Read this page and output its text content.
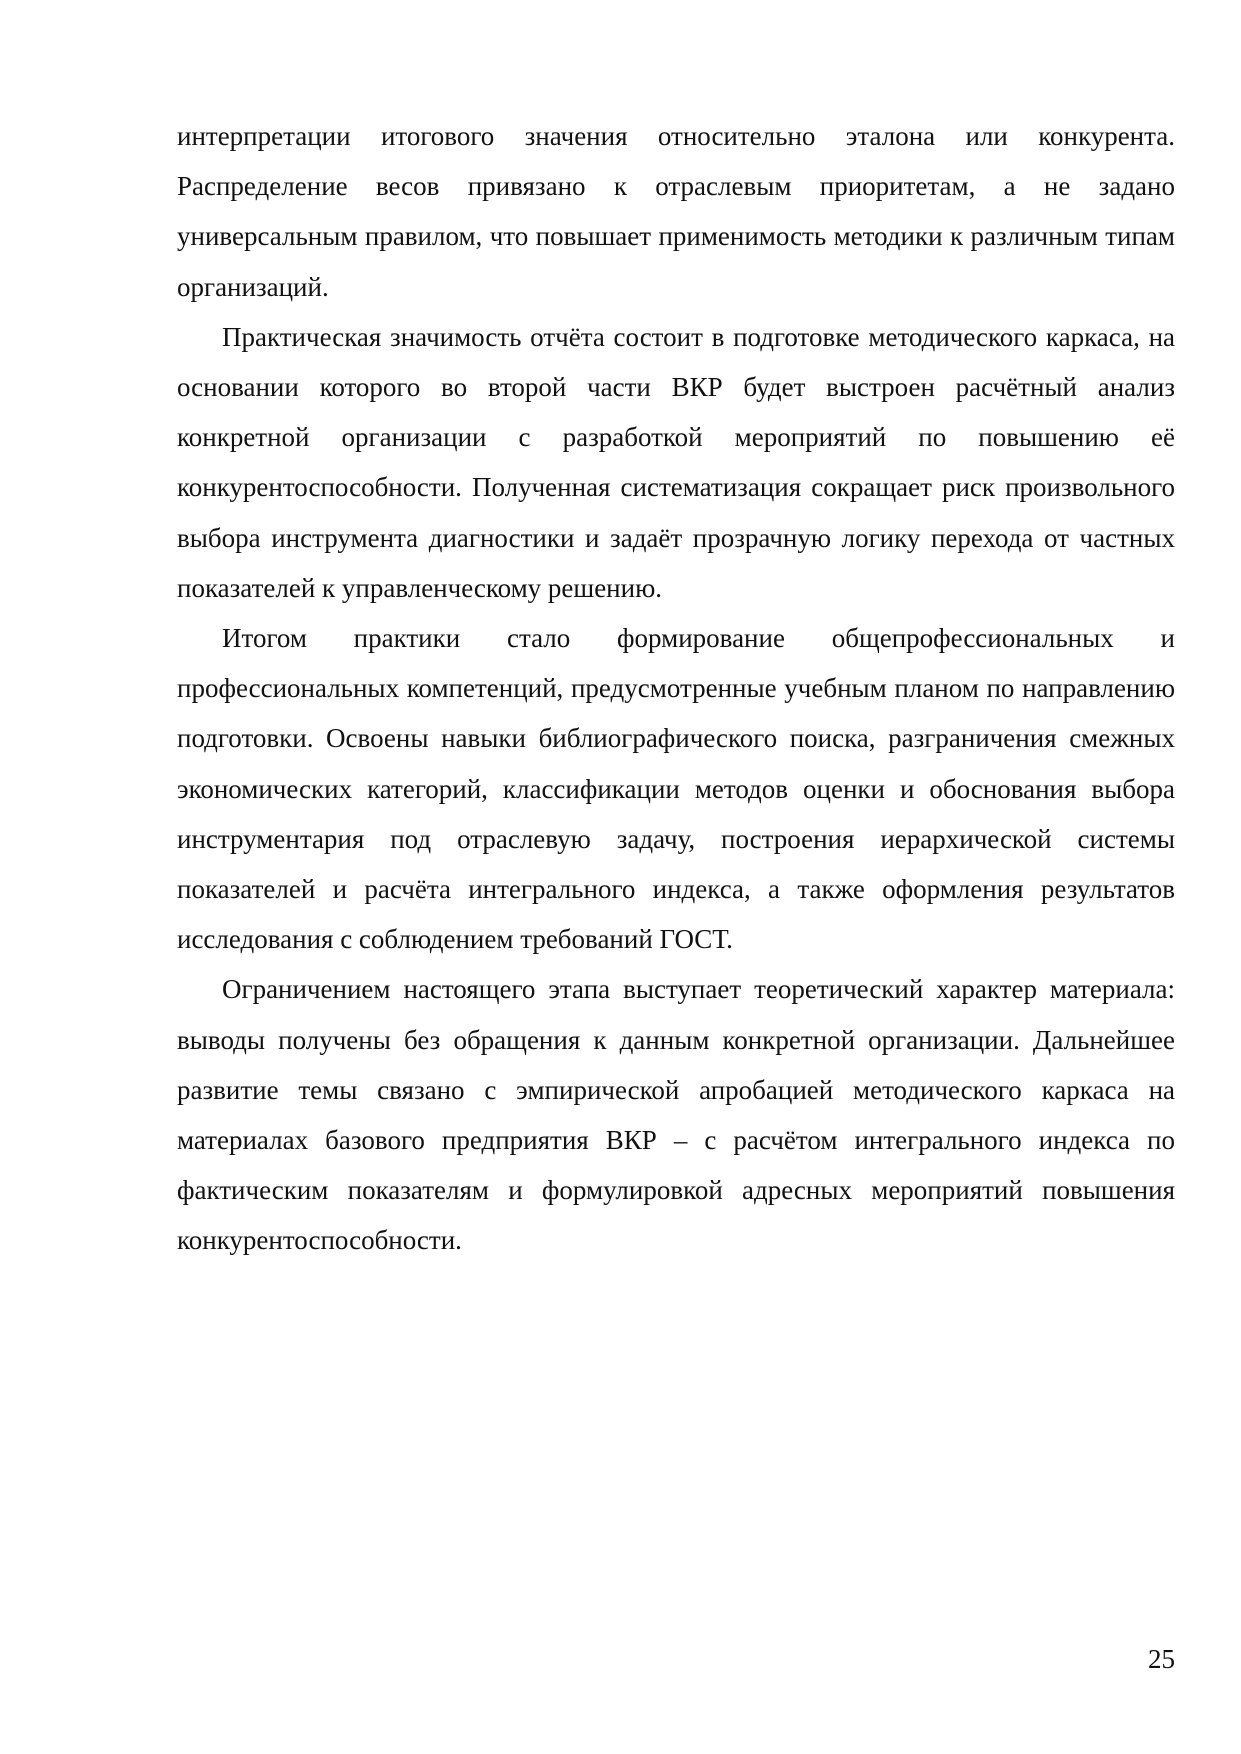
интерпретации итогового значения относительно эталона или конкурента. Распределение весов привязано к отраслевым приоритетам, а не задано универсальным правилом, что повышает применимость методики к различным типам организаций.

Практическая значимость отчёта состоит в подготовке методического каркаса, на основании которого во второй части ВКР будет выстроен расчётный анализ конкретной организации с разработкой мероприятий по повышению её конкурентоспособности. Полученная систематизация сокращает риск произвольного выбора инструмента диагностики и задаёт прозрачную логику перехода от частных показателей к управленческому решению.

Итогом практики стало формирование общепрофессиональных и профессиональных компетенций, предусмотренные учебным планом по направлению подготовки. Освоены навыки библиографического поиска, разграничения смежных экономических категорий, классификации методов оценки и обоснования выбора инструментария под отраслевую задачу, построения иерархической системы показателей и расчёта интегрального индекса, а также оформления результатов исследования с соблюдением требований ГОСТ.

Ограничением настоящего этапа выступает теоретический характер материала: выводы получены без обращения к данным конкретной организации. Дальнейшее развитие темы связано с эмпирической апробацией методического каркаса на материалах базового предприятия ВКР – с расчётом интегрального индекса по фактическим показателям и формулировкой адресных мероприятий повышения конкурентоспособности.

25
